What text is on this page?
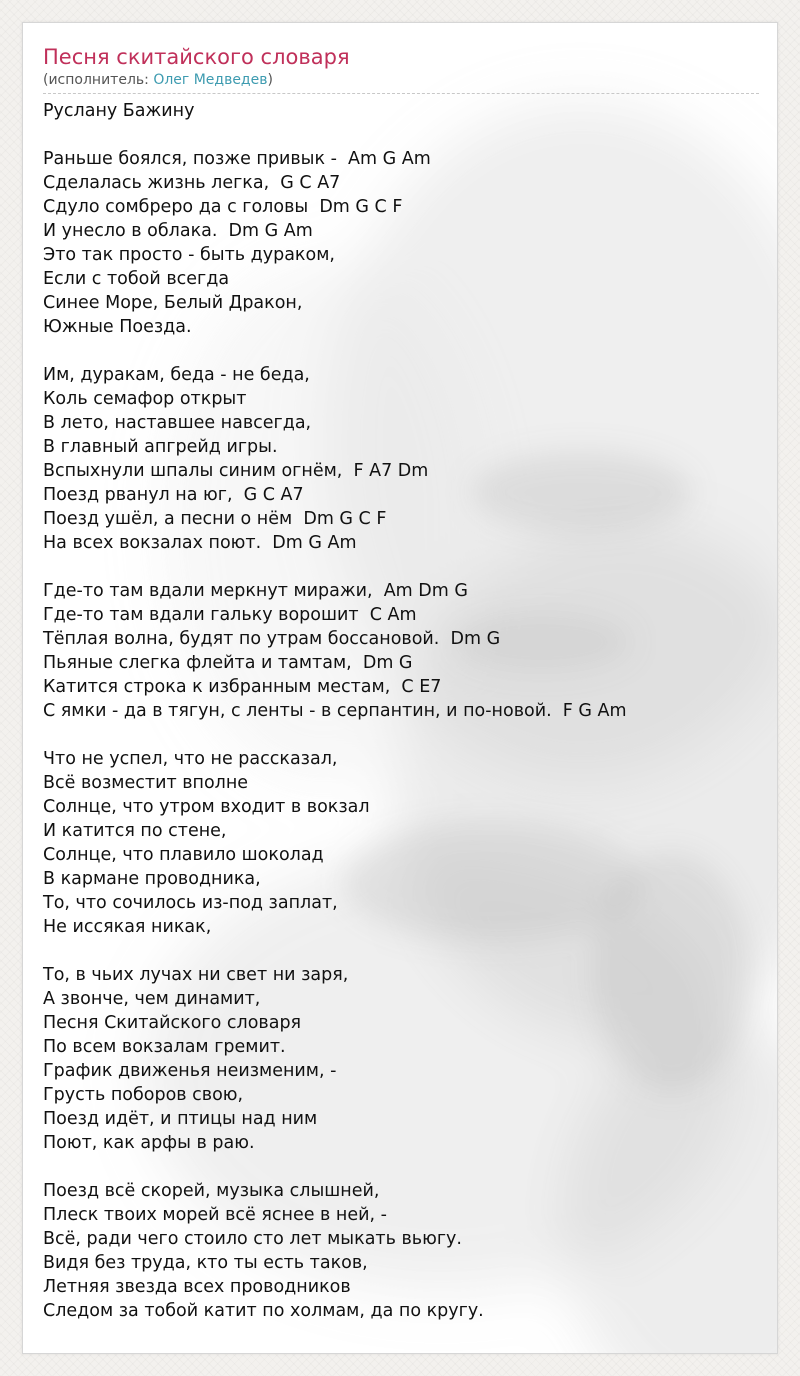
Песня скитайского словаря
(исполнитель: Олег Медведев)
Руслану Бажину
Раньше боялся, позже привык -  Am G Am
Сделалась жизнь легка,  G C A7
Сдуло сомбреро да с головы  Dm G C F
И унесло в облака.  Dm G Am
Это так просто - быть дураком,
Если с тобой всегда
Синее Море, Белый Дракон,
Южные Поезда.
Им, дуракам, беда - не беда,
Коль семафор открыт
В лето, наставшее навсегда,
В главный апгрейд игры.
Вспыхнули шпалы синим огнём,  F A7 Dm
Поезд рванул на юг,  G C A7
Поезд ушёл, а песни о нём  Dm G C F
На всех вокзалах поют.  Dm G Am
Где-то там вдали меркнут миражи,  Am Dm G
Где-то там вдали гальку ворошит  C Am
Тёплая волна, будят по утрам боссановой.  Dm G
Пьяные слегка флейта и тамтам,  Dm G
Катится строка к избранным местам,  C E7
С ямки - да в тягун, с ленты - в серпантин, и по-новой.  F G Am
Что не успел, что не рассказал,
Всё возместит вполне
Солнце, что утром входит в вокзал
И катится по стене,
Солнце, что плавило шоколад
В кармане проводника,
То, что сочилось из-под заплат,
Не иссякая никак,
То, в чьих лучах ни свет ни заря,
А звонче, чем динамит,
Песня Скитайского словаря
По всем вокзалам гремит.
График движенья неизменим, -
Грусть поборов свою,
Поезд идёт, и птицы над ним
Поют, как арфы в раю.
Поезд всё скорей, музыка слышней,
Плеск твоих морей всё яснее в ней, -
Всё, ради чего стоило сто лет мыкать вьюгу.
Видя без труда, кто ты есть таков,
Летняя звезда всех проводников
Следом за тобой катит по холмам, да по кругу.
